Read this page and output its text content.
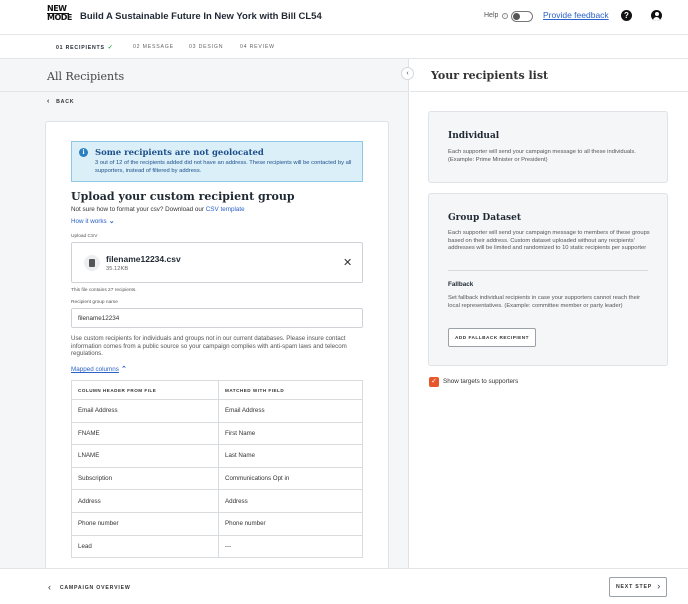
NEW
MODE Build A Sustainable Future In New York with Bill CL54	Help	i	Provide feedback	?
01 RECIPIENTS ✓	02 MESSAGE	03 DESIGN	04 REVIEW
All Recipients
‹ BACK
i	Some recipients are not geolocated
3 out of 12 of the recipients added did not have an address. These recipients will be contacted by all supporters, instead of filtered by address.
Upload your custom recipient group
Not sure how to format your csv? Download our CSV template
How it works ⌄
Upload CSV
filename12234.csv
35.12KB	✕
This file contains 27 recipients.
Recipient group name
filename12234
Use custom recipients for individuals and groups not in our current databases. Please insure contact information comes from a public source so your campaign complies with anti-spam laws and telecom regulations.
Mapped columns ⌃
COLUMN HEADER FROM FILE	MATCHED WITH FIELD
Email Address	Email Address
FNAME	First Name
LNAME	Last Name
Subscription	Communications Opt in
Address	Address
Phone number	Phone number
Lead	---
‹	Your recipients list
Individual
Each supporter will send your campaign message to all these individuals. (Example: Prime Minister or President)
Group Dataset
Each supporter will send your campaign message to members of these groups based on their address. Custom dataset uploaded without any recipients' addresses will be limited and randomized to 10 static recipients per supporter
Fallback
Set fallback individual recipients in case your supporters cannot reach their local representatives. (Example: committee member or party leader)
ADD FALLBACK RECIPIENT
✓ Show targets to supporters
‹ CAMPAIGN OVERVIEW	NEXT STEP ›
